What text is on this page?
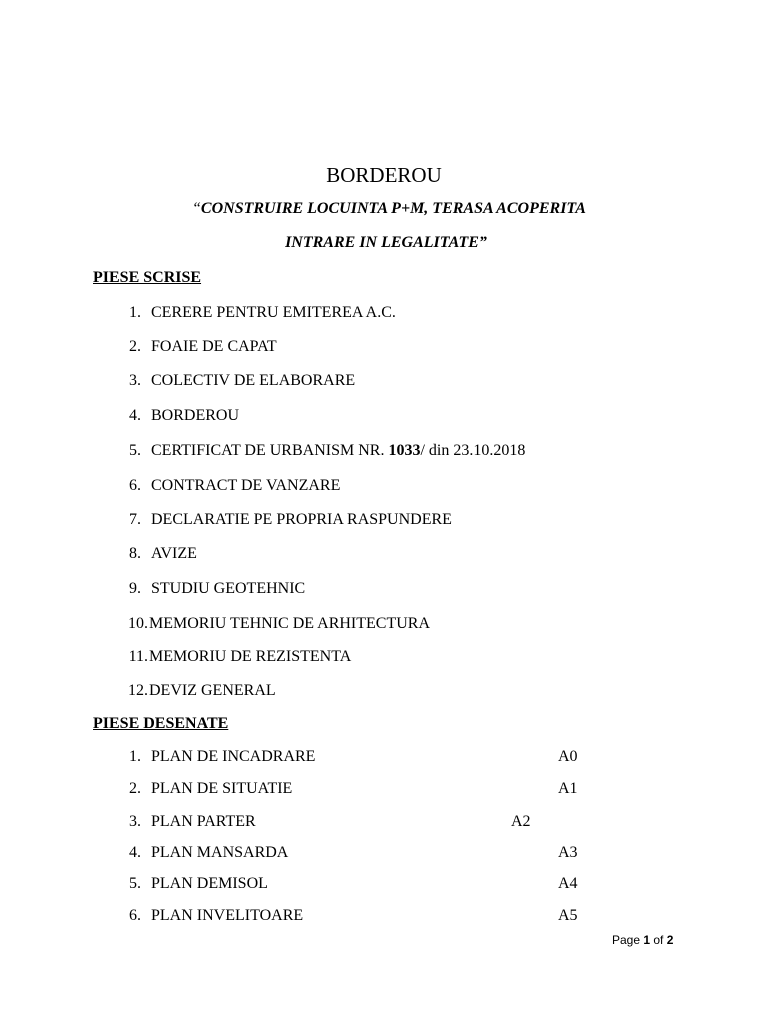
BORDEROU
“CONSTRUIRE LOCUINTA P+M, TERASA ACOPERITA
INTRARE IN LEGALITATE”
PIESE SCRISE
1. CERERE PENTRU EMITEREA A.C.
2. FOAIE DE CAPAT
3. COLECTIV DE ELABORARE
4. BORDEROU
5. CERTIFICAT DE URBANISM NR. 1033/ din 23.10.2018
6. CONTRACT DE VANZARE
7. DECLARATIE PE PROPRIA RASPUNDERE
8. AVIZE
9. STUDIU GEOTEHNIC
10. MEMORIU TEHNIC DE ARHITECTURA
11. MEMORIU DE REZISTENTA
12. DEVIZ GENERAL
PIESE DESENATE
1. PLAN DE INCADRARE	A0
2. PLAN DE SITUATIE	A1
3. PLAN PARTER	A2
4. PLAN MANSARDA	A3
5. PLAN DEMISOL	A4
6. PLAN INVELITOARE	A5
Page 1 of 2
